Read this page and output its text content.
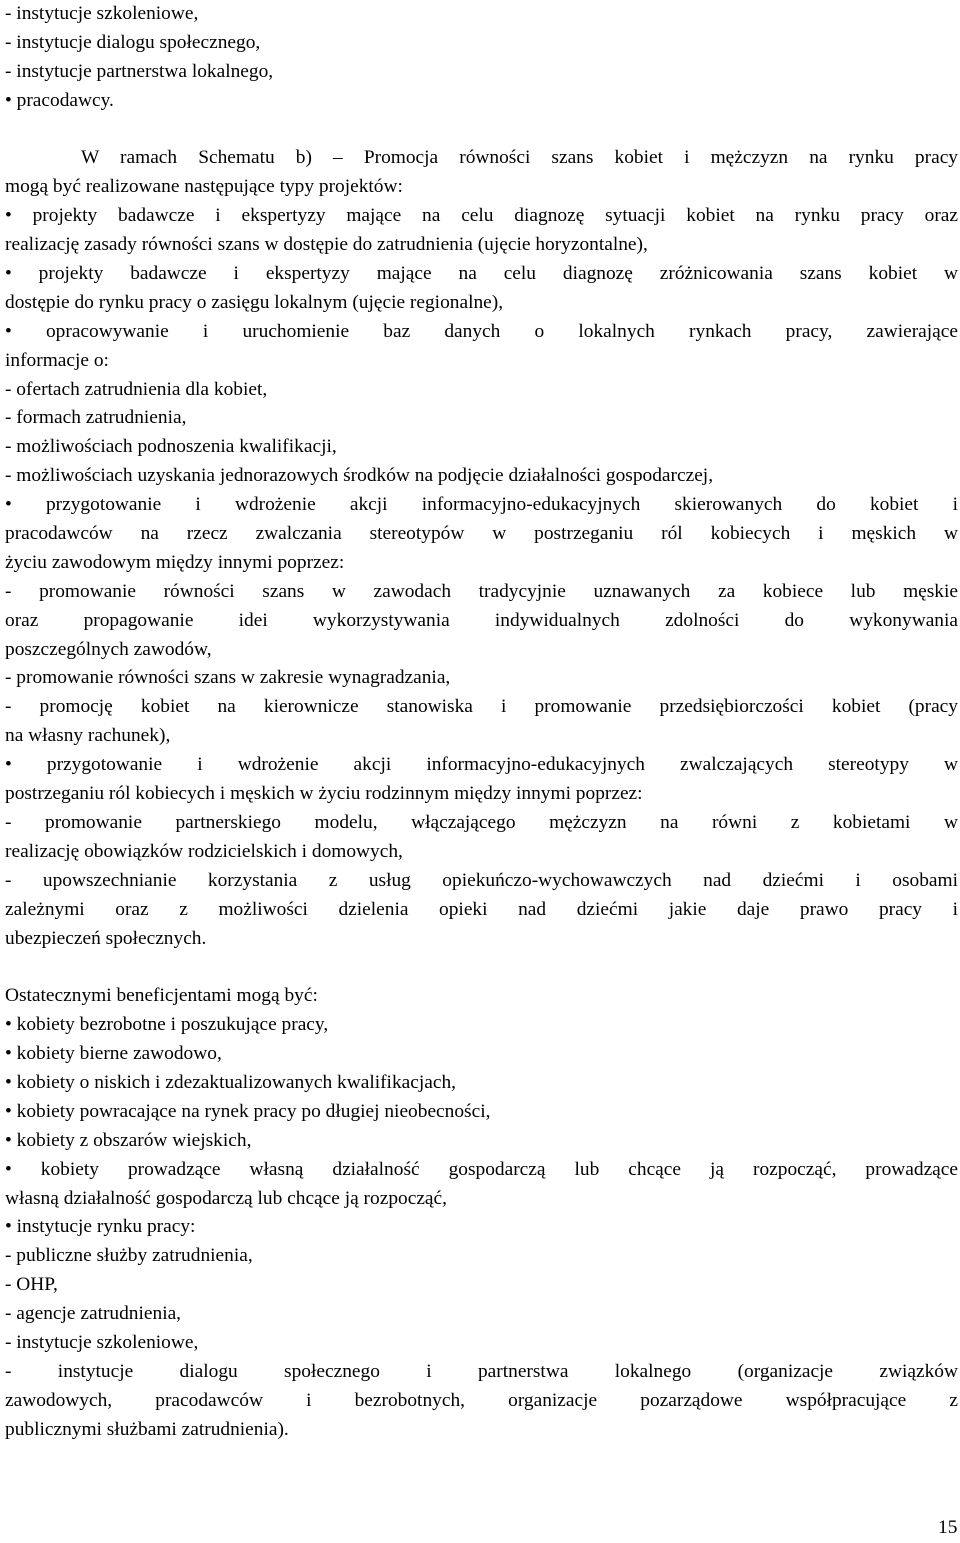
- instytucje szkoleniowe,
- instytucje dialogu społecznego,
- instytucje partnerstwa lokalnego,
• pracodawcy.
W ramach Schematu b) – Promocja równości szans kobiet i mężczyzn na rynku pracy
mogą być realizowane następujące typy projektów:
• projekty badawcze i ekspertyzy mające na celu diagnozę sytuacji kobiet na rynku pracy oraz
realizację zasady równości szans w dostępie do zatrudnienia (ujęcie horyzontalne),
• projekty badawcze i ekspertyzy mające na celu diagnozę zróżnicowania szans kobiet w
dostępie do rynku pracy o zasięgu lokalnym (ujęcie regionalne),
• opracowywanie i uruchomienie baz danych o lokalnych rynkach pracy, zawierające
informacje o:
- ofertach zatrudnienia dla kobiet,
- formach zatrudnienia,
- możliwościach podnoszenia kwalifikacji,
- możliwościach uzyskania jednorazowych środków na podjęcie działalności gospodarczej,
• przygotowanie i wdrożenie akcji informacyjno-edukacyjnych skierowanych do kobiet i
pracodawców na rzecz zwalczania stereotypów w postrzeganiu ról kobiecych i męskich w
życiu zawodowym między innymi poprzez:
- promowanie równości szans w zawodach tradycyjnie uznawanych za kobiece lub męskie
oraz propagowanie idei wykorzystywania indywidualnych zdolności do wykonywania
poszczególnych zawodów,
- promowanie równości szans w zakresie wynagradzania,
- promocję kobiet na kierownicze stanowiska i promowanie przedsiębiorczości kobiet (pracy
na własny rachunek),
• przygotowanie i wdrożenie akcji informacyjno-edukacyjnych zwalczających stereotypy w
postrzeganiu ról kobiecych i męskich w życiu rodzinnym między innymi poprzez:
- promowanie partnerskiego modelu, włączającego mężczyzn na równi z kobietami w
realizację obowiązków rodzicielskich i domowych,
- upowszechnianie korzystania z usług opiekuńczo-wychowawczych nad dziećmi i osobami
zależnymi oraz z możliwości dzielenia opieki nad dziećmi jakie daje prawo pracy i
ubezpieczeń społecznych.
Ostatecznymi beneficjentami mogą być:
• kobiety bezrobotne i poszukujące pracy,
• kobiety bierne zawodowo,
• kobiety o niskich i zdezaktualizowanych kwalifikacjach,
• kobiety powracające na rynek pracy po długiej nieobecności,
• kobiety z obszarów wiejskich,
• kobiety prowadzące własną działalność gospodarczą lub chcące ją rozpocząć, prowadzące
własną działalność gospodarczą lub chcące ją rozpocząć,
• instytucje rynku pracy:
- publiczne służby zatrudnienia,
- OHP,
- agencje zatrudnienia,
- instytucje szkoleniowe,
- instytucje dialogu społecznego i partnerstwa lokalnego (organizacje związków
zawodowych, pracodawców i bezrobotnych, organizacje pozarządowe współpracujące z
publicznymi służbami zatrudnienia).
15
